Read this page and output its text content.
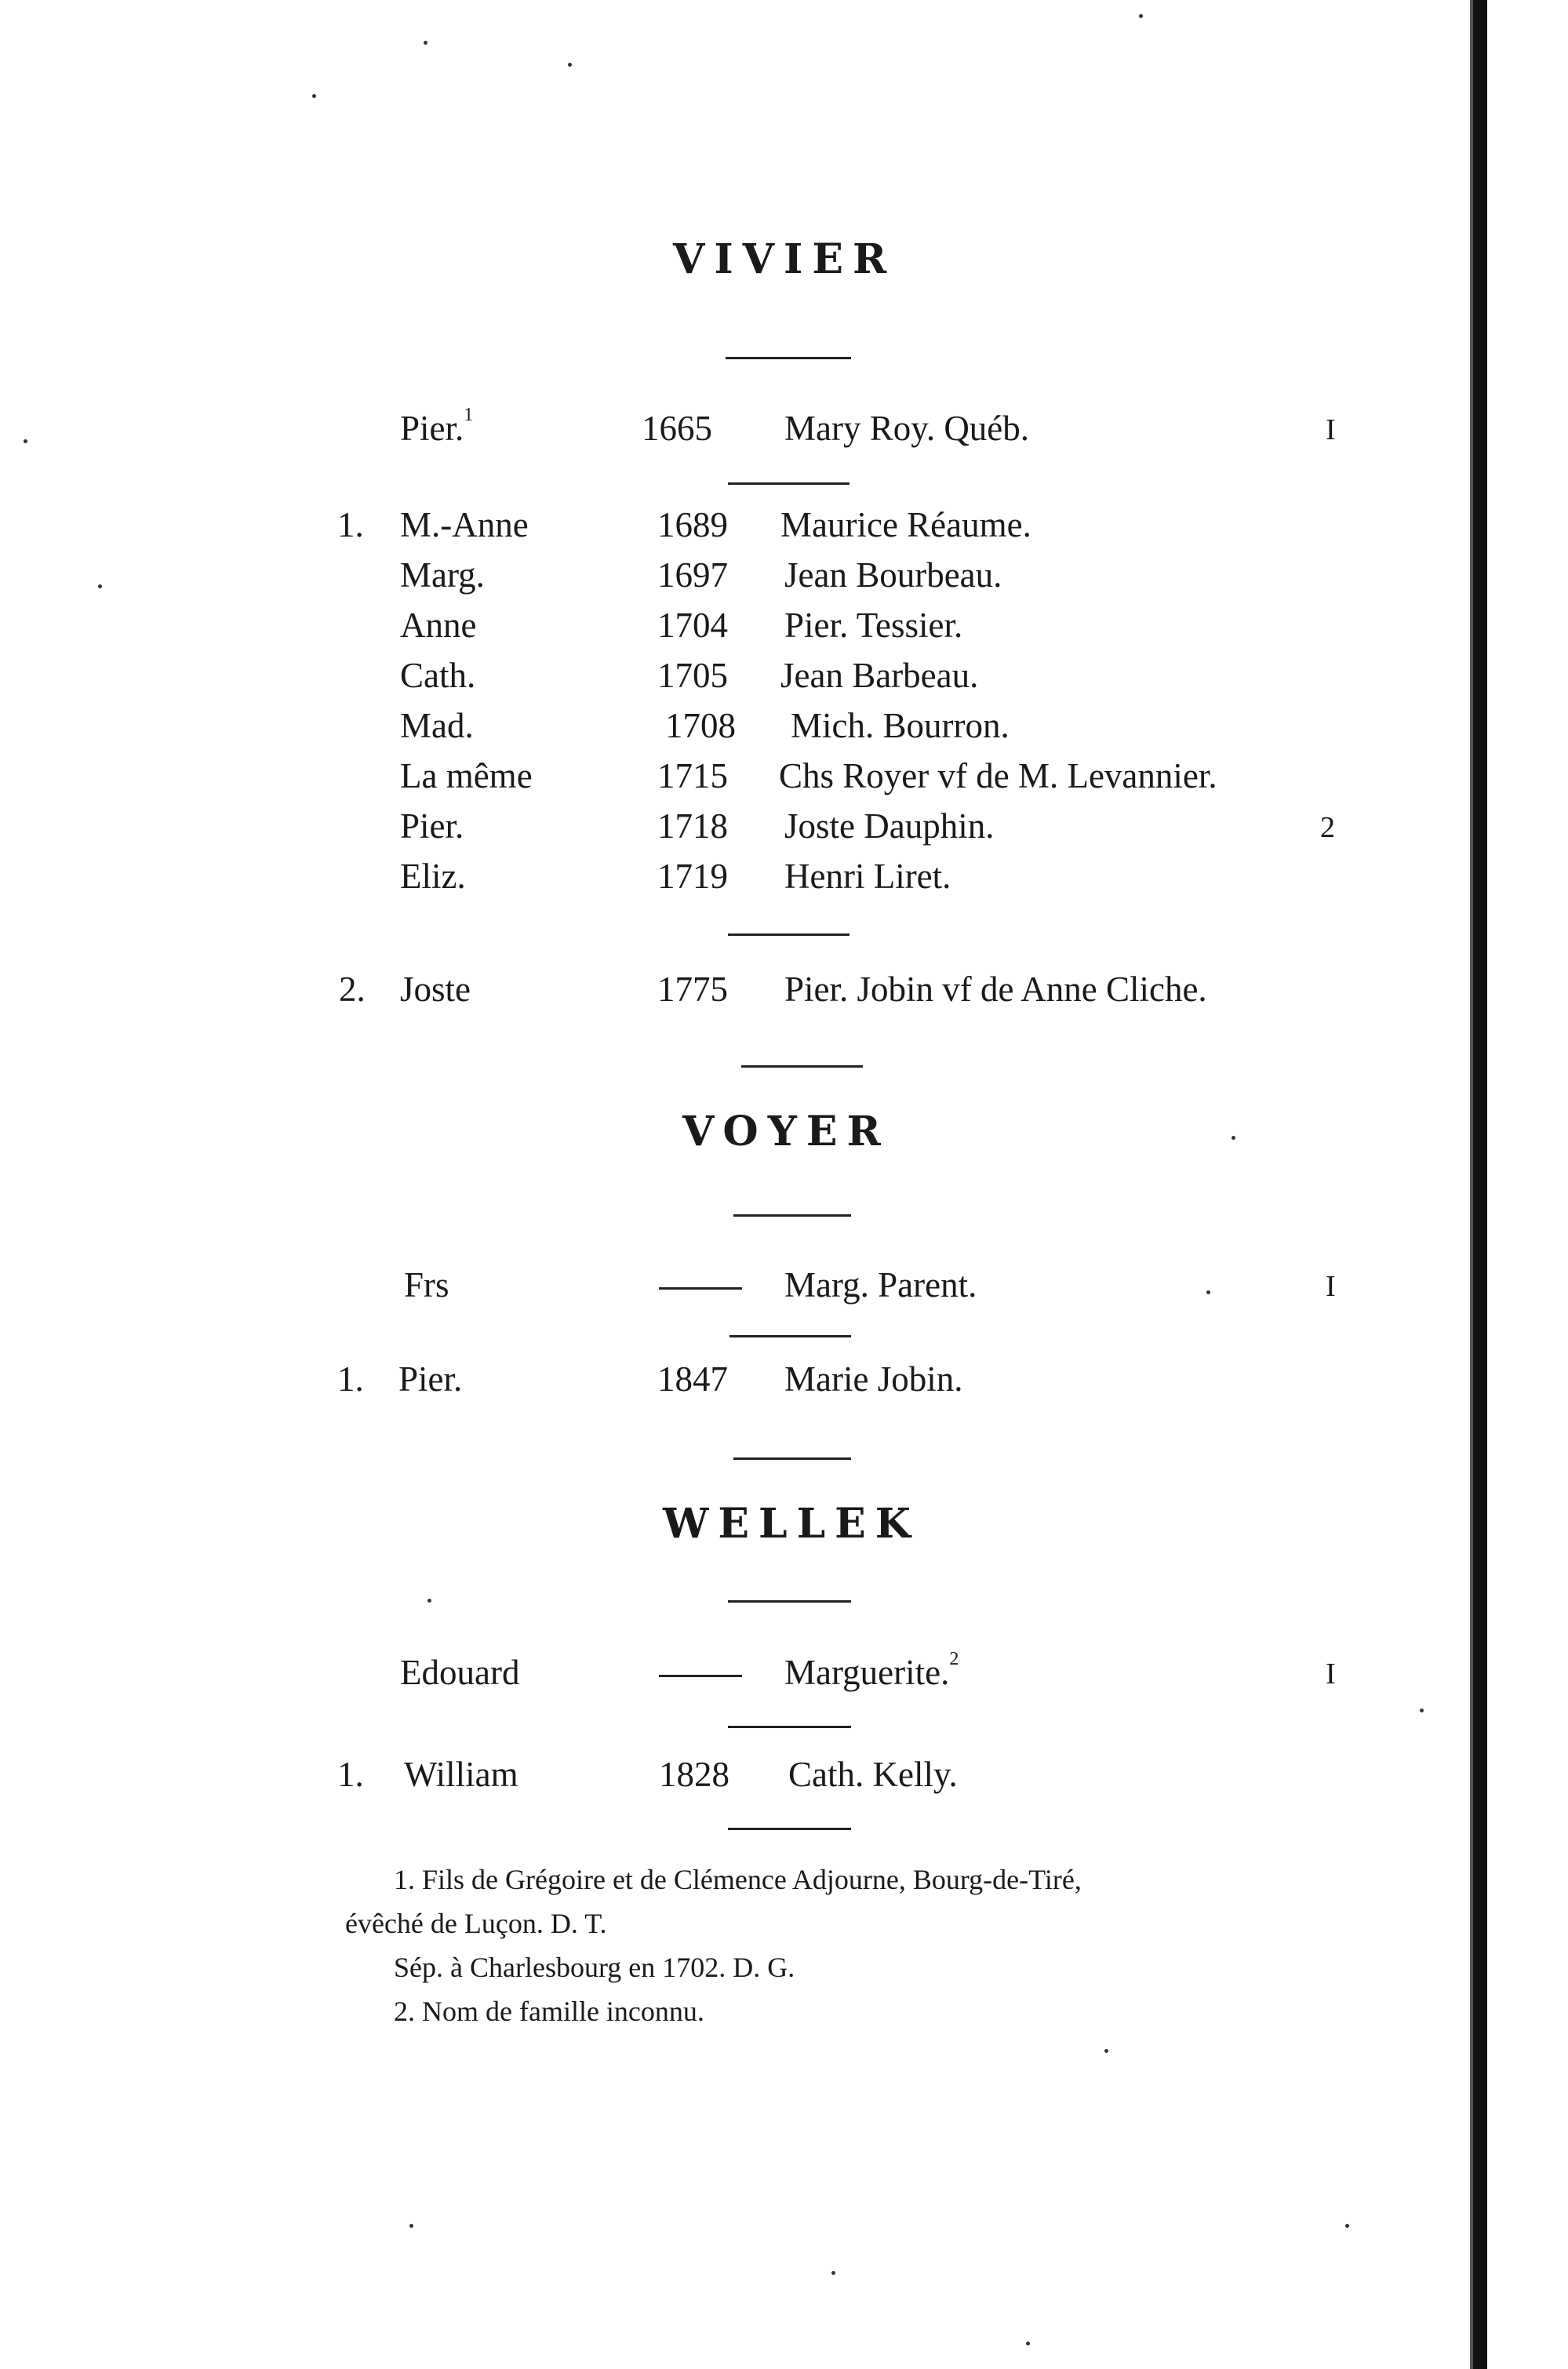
VIVIER
Pier.$^1$	1665 Mary Roy. Québ.	I
1. M.-Anne	1689 Maurice Réaume.
Marg.	1697 Jean Bourbeau.
Anne	1704 Pier. Tessier.
Cath.	1705 Jean Barbeau.
Mad.	1708 Mich. Bourron.
La même	1715 Chs Royer vf de M. Levannier.
Pier.	1718 Joste Dauphin.	2
Eliz.	1719 Henri Liret.
2. Joste	1775 Pier. Jobin vf de Anne Cliche.
VOYER
Frs	Marg. Parent.	I
1. Pier.	1847 Marie Jobin.
WELLEK
Edouard	Marguerite.$^2$	I
1. William	1828 Cath. Kelly.
1. Fils de Grégoire et de Clémence Adjourne, Bourg-de-Tiré,
évêché de Luçon. D. T.
Sép. à Charlesbourg en 1702. D. G.
2. Nom de famille inconnu.
